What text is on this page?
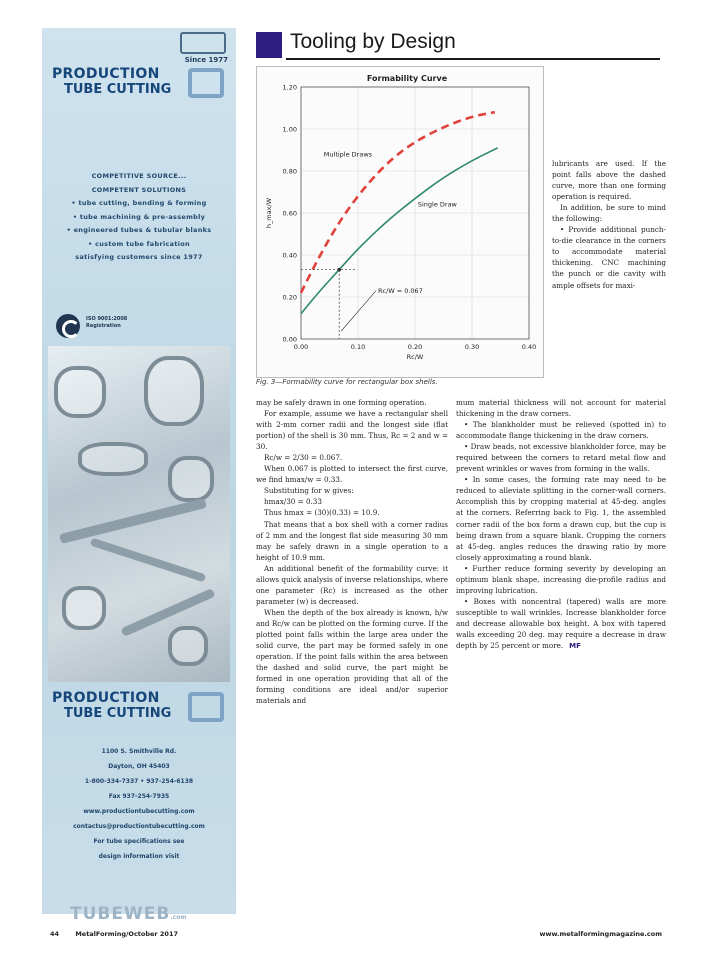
Since 1977
PRODUCTION
TUBE CUTTING
COMPETITIVE SOURCE...
COMPETENT SOLUTIONS
• tube cutting, bending & forming
• tube machining & pre-assembly
• engineered tubes & tubular blanks
• custom tube fabrication
satisfying customers since 1977
ISO 9001:2008
Registration
PRODUCTION
TUBE CUTTING
1100 S. Smithville Rd.
Dayton, OH 45403
1-800-334-7337 • 937-254-6138
Fax 937-254-7935
www.productiontubecutting.com
contactus@productiontubecutting.com
For tube specifications see
design information visit
TUBEWEB.com
Tooling by Design
Formability Curve
0.00
0.20
0.40
0.60
0.80
1.00
1.20
0.00	0.10	0.20	0.30	0.40
Multiple Draws
Single Draw
Rc/W = 0.067
Rc/W
h_max/W
Fig. 3—Formability curve for rectangular box shells.

lubricants are used. If the point falls above the dashed curve, more than one forming operation is required.

In addition, be sure to mind the following:

• Provide additional punch-to-die clearance in the corners to accommodate material thickening. CNC machining the punch or die cavity with ample offsets for maxi-

may be safely drawn in one forming operation.

For example, assume we have a rectangular shell with 2-mm corner radii and the longest side (flat portion) of the shell is 30 mm. Thus, Rc = 2 and w = 30.

Rc/w = 2/30 = 0.067.

When 0.067 is plotted to intersect the first curve, we find hmax/w = 0.33.

Substituting for w gives:

hmax/30 = 0.33

Thus hmax = (30)(0.33) = 10.9.

That means that a box shell with a corner radius of 2 mm and the longest flat side measuring 30 mm may be safely drawn in a single operation to a height of 10.9 mm.

An additional benefit of the formability curve: it allows quick analysis of inverse relationships, where one parameter (Rc) is increased as the other parameter (w) is decreased.

When the depth of the box already is known, h/w and Rc/w can be plotted on the forming curve. If the plotted point falls within the large area under the solid curve, the part may be formed safely in one operation. If the point falls within the area between the dashed and solid curve, the part might be formed in one operation providing that all of the forming conditions are ideal and/or superior materials and

mum material thickness will not account for material thickening in the draw corners.

• The blankholder must be relieved (spotted in) to accommodate flange thickening in the draw corners.

• Draw beads, not excessive blankholder force, may be required between the corners to retard metal flow and prevent wrinkles or waves from forming in the walls.

• In some cases, the forming rate may need to be reduced to alleviate splitting in the corner-wall corners. Accomplish this by cropping material at 45-deg. angles at the corners. Referring back to Fig. 1, the assembled corner radii of the box form a drawn cup, but the cup is being drawn from a square blank. Cropping the corners at 45-deg. angles reduces the drawing ratio by more closely approximating a round blank.

• Further reduce forming severity by developing an optimum blank shape, increasing die-profile radius and improving lubrication.

• Boxes with noncentral (tapered) walls are more susceptible to wall wrinkles. Increase blankholder force and decrease allowable box height. A box with tapered walls exceeding 20 deg. may require a decrease in draw depth by 25 percent or more. MF

44	MetalForming/October 2017	www.metalformingmagazine.com
